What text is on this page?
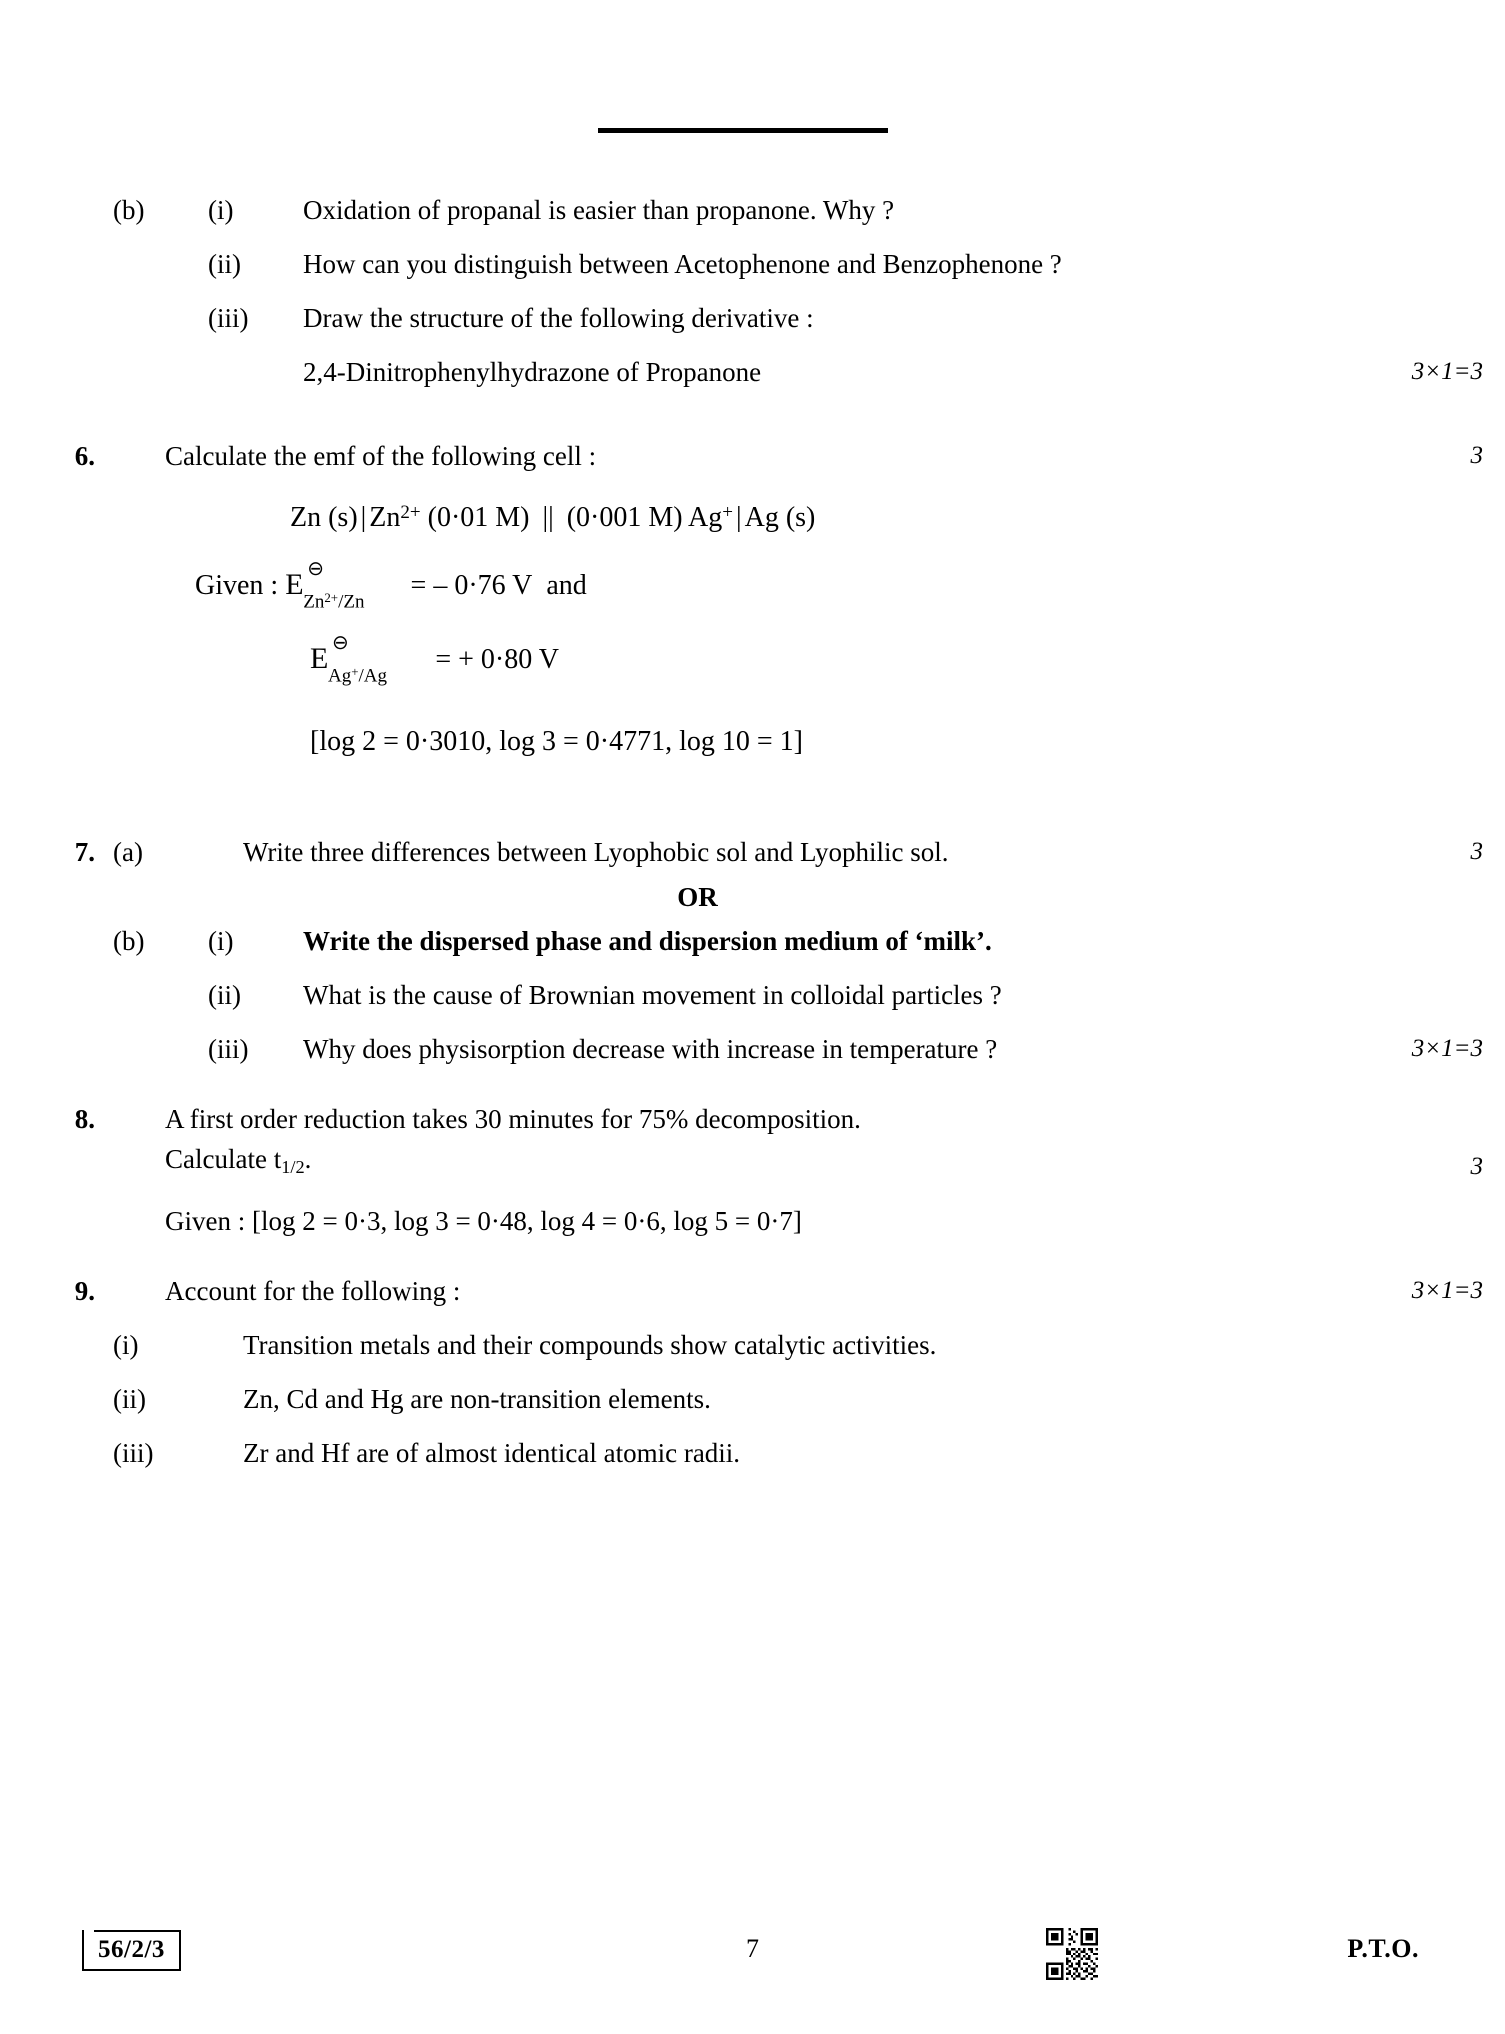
(b)	(i)	Oxidation of propanal is easier than propanone. Why ?
(ii)	How can you distinguish between Acetophenone and Benzophenone ?
(iii)	Draw the structure of the following derivative :
2,4-Dinitrophenylhydrazone of Propanone	3×1=3
6.	Calculate the emf of the following cell :	3
Zn (s) | $Zn^{2+}$ (0·01 M) || (0·001 M) Ag+ | Ag (s)
Given : E ⊖
$Zn^{2+}/Zn$
= – 0·76 V  and
E ⊖
Ag+/Ag
= + 0·80 V
[log 2 = 0·3010, log 3 = 0·4771, log 10 = 1]
7. (a)	Write three differences between Lyophobic sol and Lyophilic sol.	3
OR
(b)	(i)	Write the dispersed phase and dispersion medium of ‘milk’.
(ii)	What is the cause of Brownian movement in colloidal particles ?
(iii)	Why does physisorption decrease with increase in temperature ?	3×1=3
8.	A first order reduction takes 30 minutes for 75% decomposition.
Calculate $t_{1/2}$.	3
Given : [log 2 = 0·3, log 3 = 0·48, log 4 = 0·6, log 5 = 0·7]
9.	Account for the following :	3×1=3
(i)	Transition metals and their compounds show catalytic activities.
(ii)	Zn, Cd and Hg are non-transition elements.
(iii)	Zr and Hf are of almost identical atomic radii.
56/2/3	7	P.T.O.
